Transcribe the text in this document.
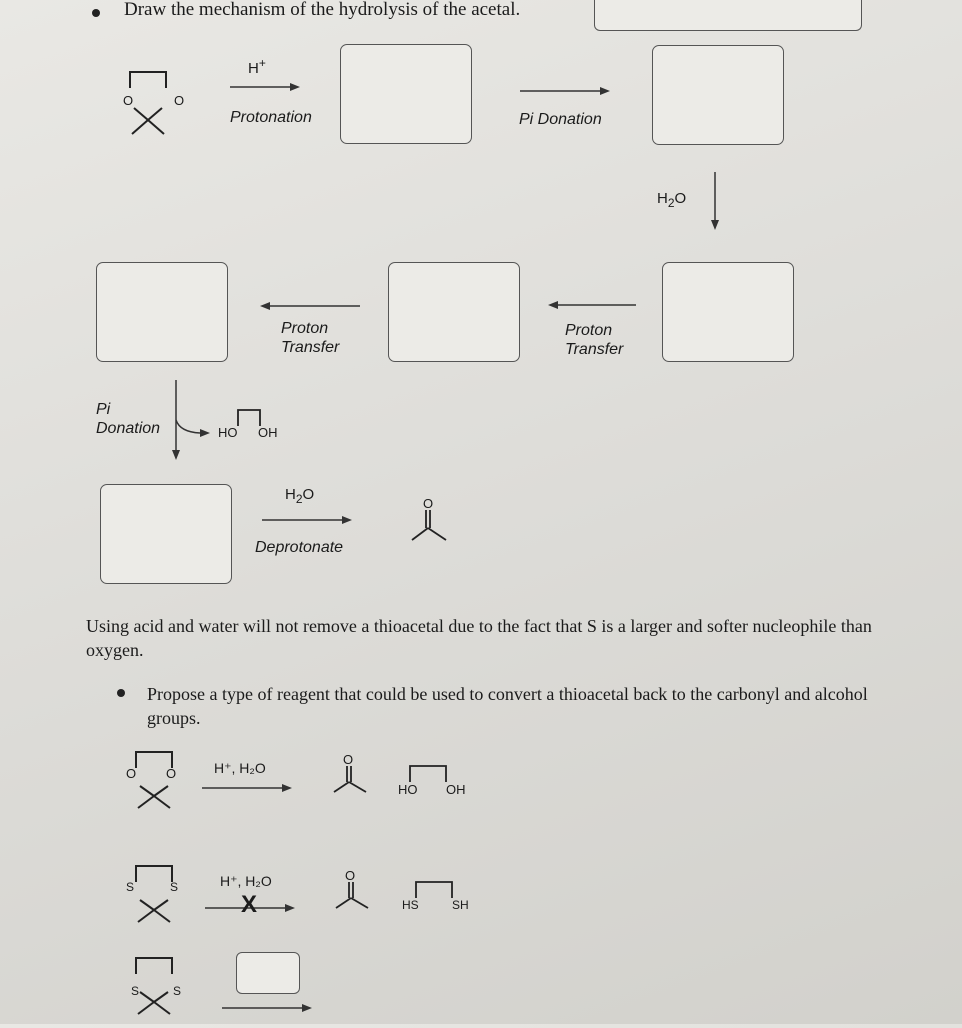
Draw the mechanism of the hydrolysis of the acetal.
O	O
H+
Protonation	Pi Donation
$H_2O$
Proton
Transfer
Proton
Transfer
Pi
Donation	HO OH
$H_2O$
Deprotonate
O
Using acid and water will not remove a thioacetal due to the fact that S is a larger and softer nucleophile than oxygen.
Propose a type of reagent that could be used to convert a thioacetal back to the carbonyl and alcohol groups.
O O	H⁺, H₂O
O
HO OH
S	S	H⁺, H₂O
X
O
HS	SH
S	S
